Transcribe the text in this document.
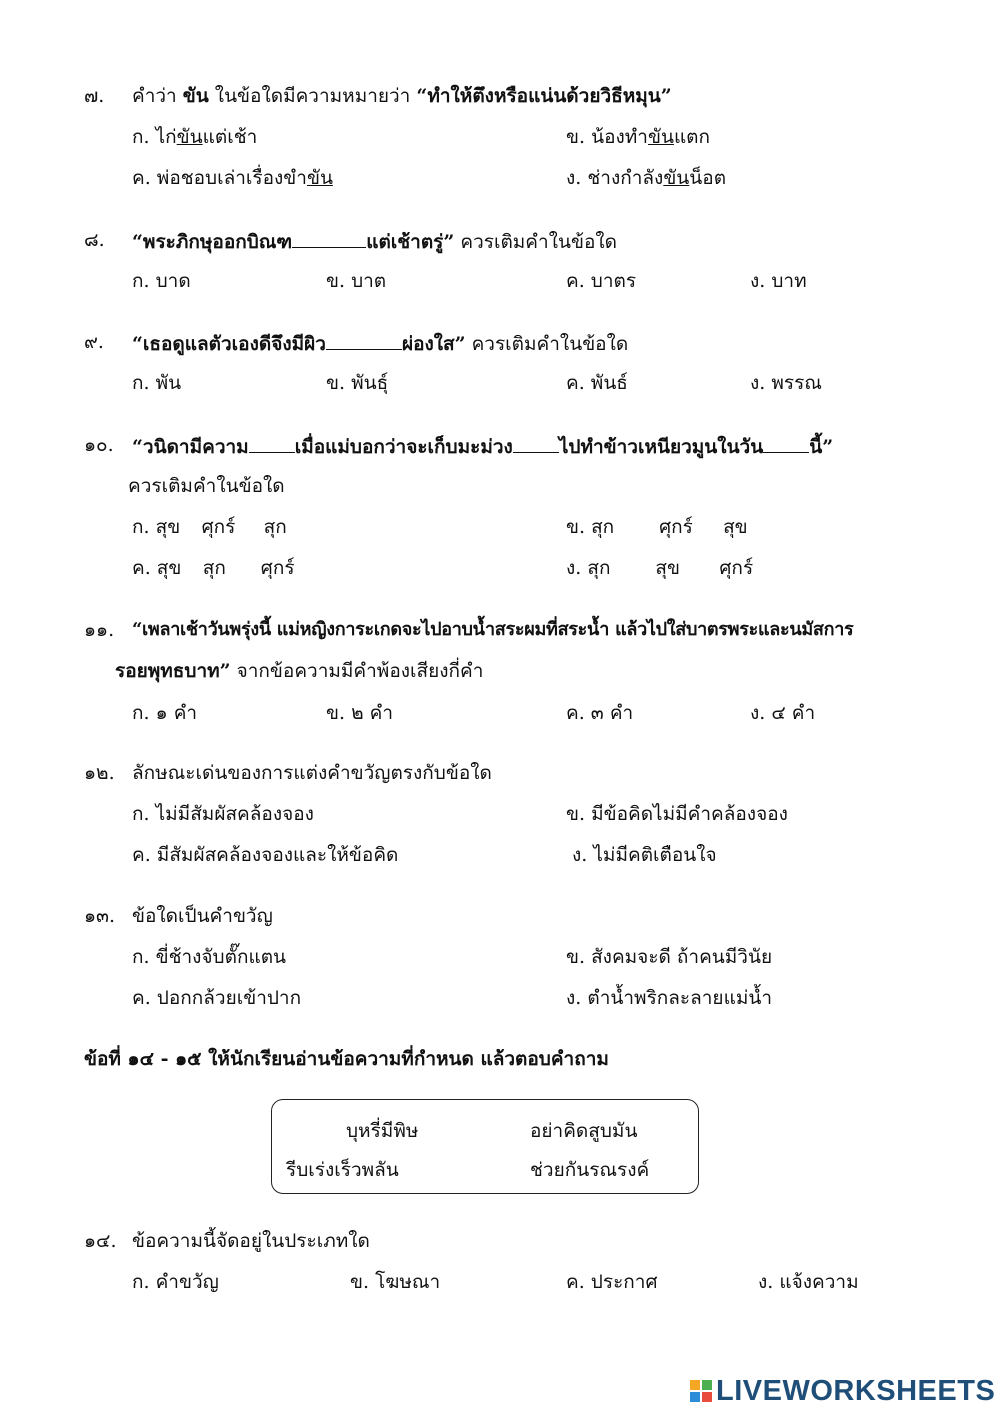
๗. คำว่า ขัน ในข้อใดมีความหมายว่า “ทำให้ตึงหรือแน่นด้วยวิธีหมุน”
ก. ไก่ขันแต่เช้า	ข. น้องทำขันแตก
ค. พ่อชอบเล่าเรื่องขำขัน	ง. ช่างกำลังขันน็อต
๘. “พระภิกษุออกบิณฑ	แต่เช้าตรู่” ควรเติมคำในข้อใด
ก. บาด	ข. บาต	ค. บาตร	ง. บาท
๙. “เธอดูแลตัวเองดีจึงมีผิว	ผ่องใส” ควรเติมคำในข้อใด
ก. พัน	ข. พันธุ์	ค. พันธ์	ง. พรรณ
๑๐. “วนิดามีความ เมื่อแม่บอกว่าจะเก็บมะม่วง ไปทำข้าวเหนียวมูนในวัน นี้”
ควรเติมคำในข้อใด
ก. สุข ศุกร์ สุก	ข. สุก ศุกร์ สุข
ค. สุข สุก ศุกร์	ง. สุก สุข ศุกร์
๑๑. “เพลาเช้าวันพรุ่งนี้ แม่หญิงการะเกดจะไปอาบน้ำสระผมที่สระน้ำ แล้วไปใส่บาตรพระและนมัสการ
รอยพุทธบาท” จากข้อความมีคำพ้องเสียงกี่คำ
ก. ๑ คำ	ข. ๒ คำ	ค. ๓ คำ	ง. ๔ คำ
๑๒. ลักษณะเด่นของการแต่งคำขวัญตรงกับข้อใด
ก. ไม่มีสัมผัสคล้องจอง	ข. มีข้อคิดไม่มีคำคล้องจอง
ค. มีสัมผัสคล้องจองและให้ข้อคิด	ง. ไม่มีคติเตือนใจ
๑๓. ข้อใดเป็นคำขวัญ
ก. ขี่ช้างจับตั๊กแตน	ข. สังคมจะดี ถ้าคนมีวินัย
ค. ปอกกล้วยเข้าปาก	ง. ตำน้ำพริกละลายแม่น้ำ
ข้อที่ ๑๔ - ๑๕ ให้นักเรียนอ่านข้อความที่กำหนด แล้วตอบคำถาม
บุหรี่มีพิษ	อย่าคิดสูบมัน
รีบเร่งเร็วพลัน	ช่วยกันรณรงค์
๑๔. ข้อความนี้จัดอยู่ในประเภทใด
ก. คำขวัญ	ข. โฆษณา	ค. ประกาศ	ง. แจ้งความ
LIVEWORKSHEETS
